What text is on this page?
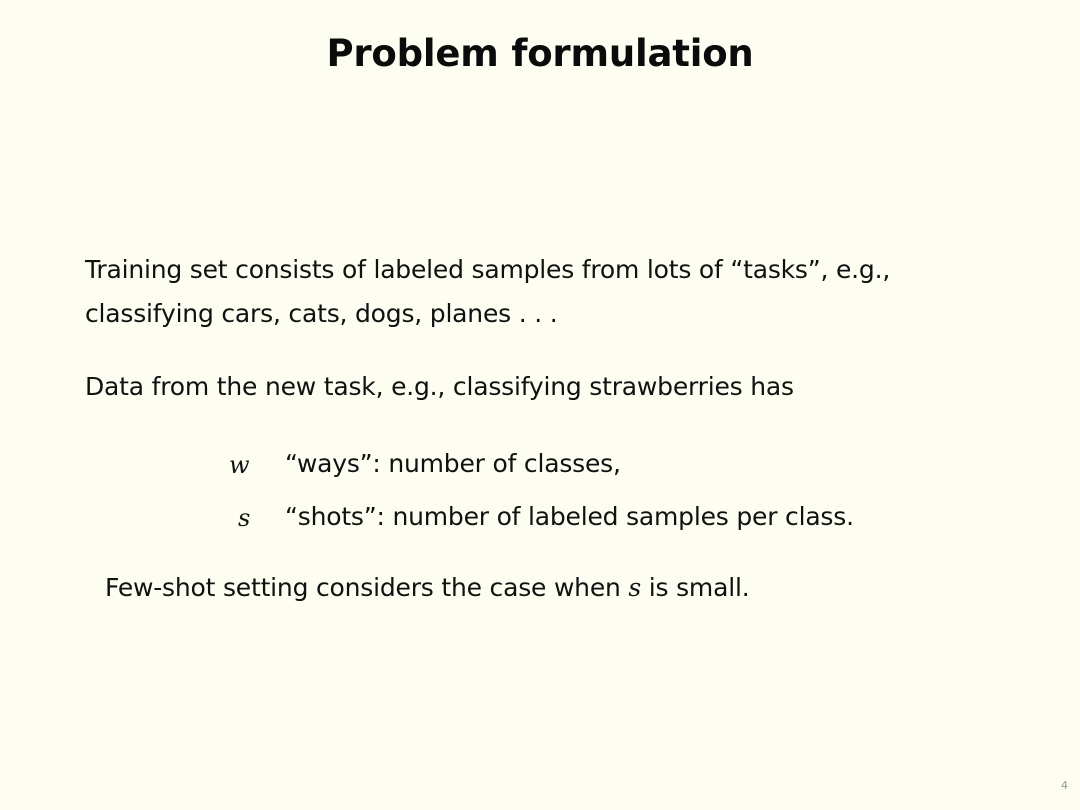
Problem formulation
Training set consists of labeled samples from lots of “tasks”, e.g.,
classifying cars, cats, dogs, planes . . .
Data from the new task, e.g., classifying strawberries has
w “ways”: number of classes,
s “shots”: number of labeled samples per class.
Few-shot setting considers the case when s is small.
4
